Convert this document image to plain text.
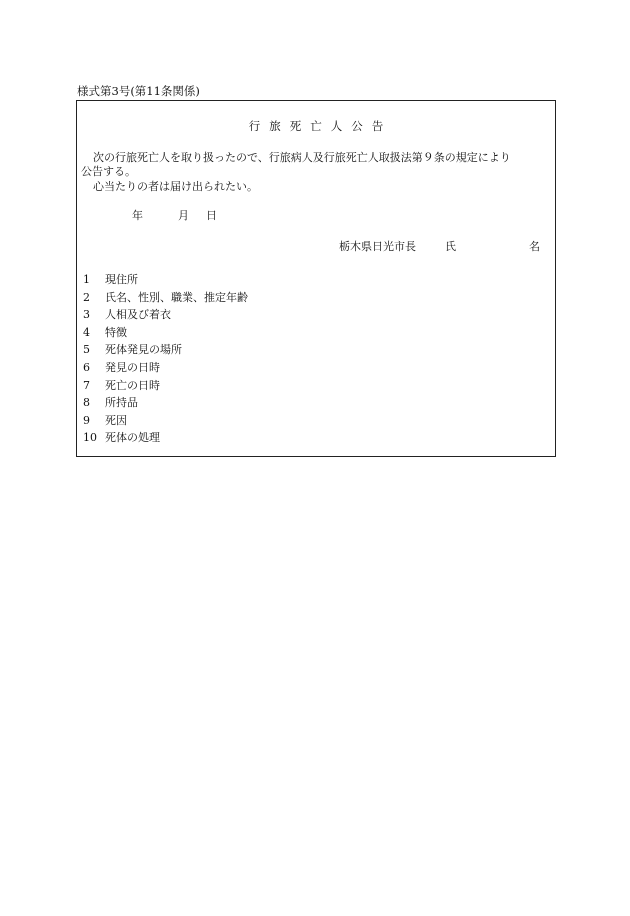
様式第3号(第11条関係)
行旅死亡人公告
次の行旅死亡人を取り扱ったので、行旅病人及行旅死亡人取扱法第９条の規定により
公告する。
心当たりの者は届け出られたい。
年	月 日
栃木県日光市長	氏	名
1 現住所
2 氏名、性別、職業、推定年齢
3 人相及び着衣
4 特徴
5 死体発見の場所
6 発見の日時
7 死亡の日時
8 所持品
9 死因
10 死体の処理
